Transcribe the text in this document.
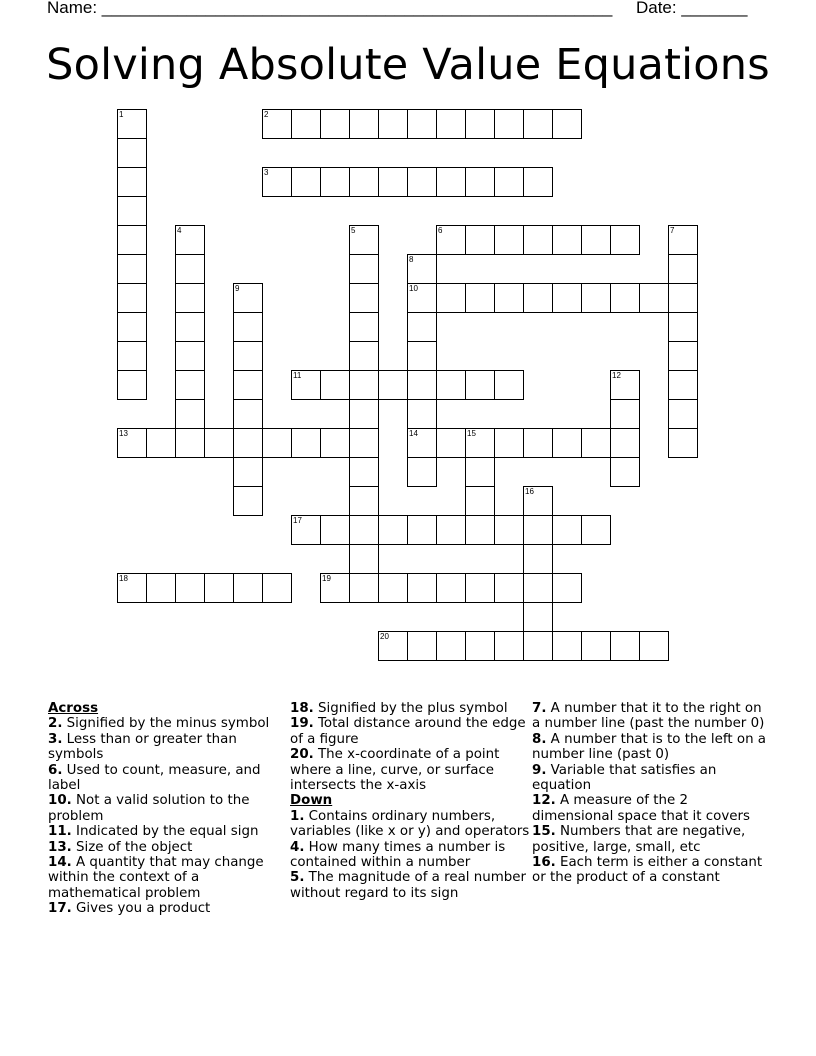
Name: ______________________________________________________ Date: _______
Solving Absolute Value Equations
2
3
6
10
11
13	14
17
18	19
20
1
4	5	7
8
9
12
15
16

Across

2. Signified by the minus symbol

3. Less than or greater than symbols

6. Used to count, measure, and label

10. Not a valid solution to the problem

11. Indicated by the equal sign

13. Size of the object

14. A quantity that may change within the context of a mathematical problem

17. Gives you a product

18. Signified by the plus symbol

19. Total distance around the edge of a figure

20. The x-coordinate of a point where a line, curve, or surface intersects the x-axis

Down

1. Contains ordinary numbers, variables (like x or y) and operators

4. How many times a number is contained within a number

5. The magnitude of a real number without regard to its sign

7. A number that it to the right on a number line (past the number 0)

8. A number that is to the left on a number line (past 0)

9. Variable that satisfies an equation

12. A measure of the 2 dimensional space that it covers

15. Numbers that are negative, positive, large, small, etc

16. Each term is either a constant or the product of a constant
